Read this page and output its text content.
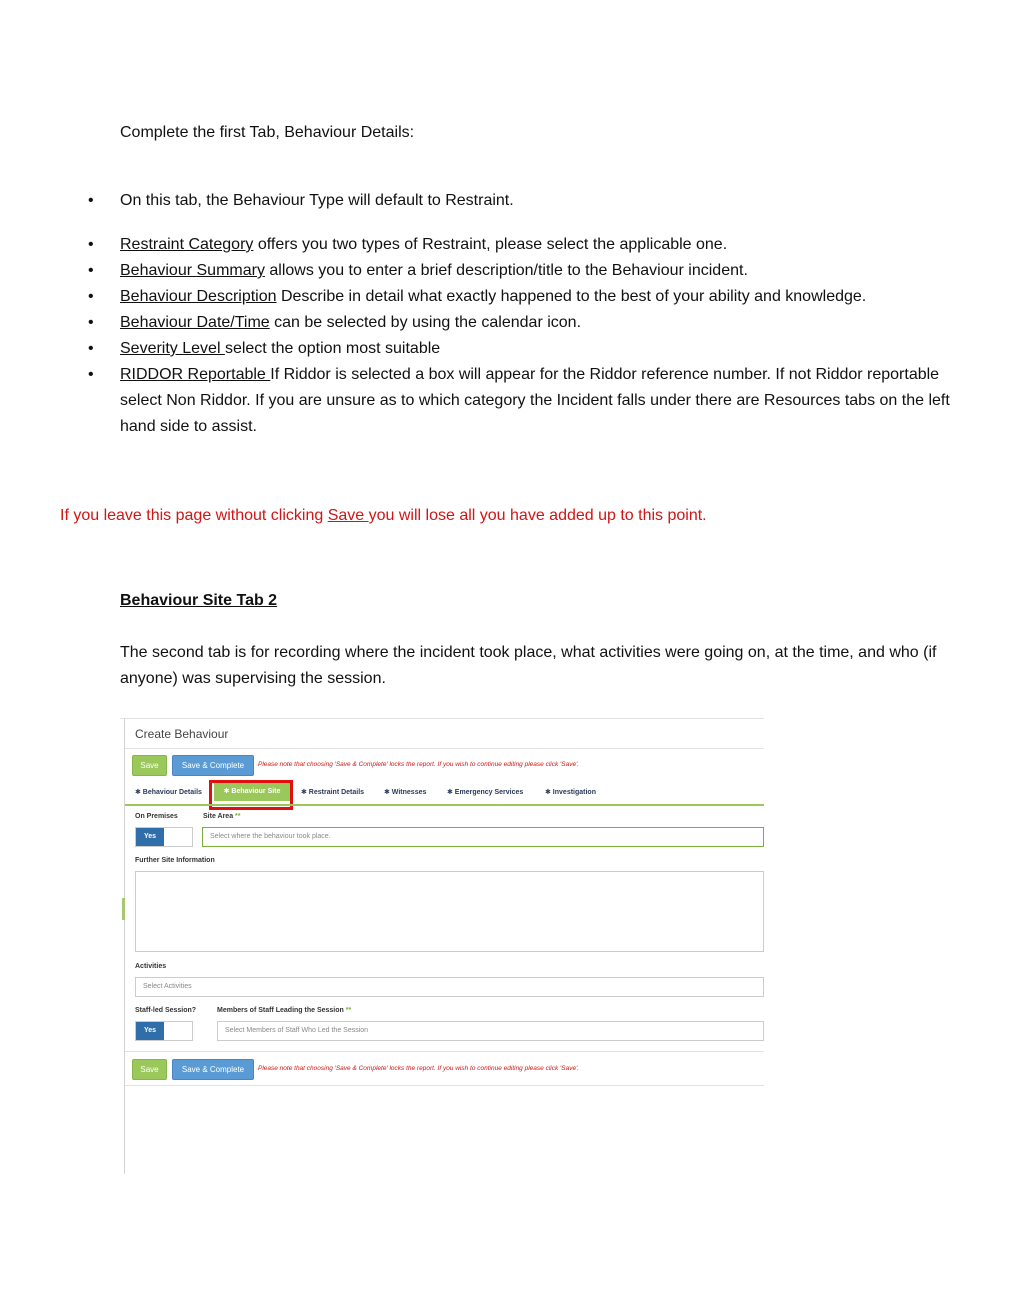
Complete the first Tab, Behaviour Details:
• On this tab, the Behaviour Type will default to Restraint.
• Restraint Category offers you two types of Restraint, please select the applicable one.
• Behaviour Summary allows you to enter a brief description/title to the Behaviour incident.
• Behaviour Description Describe in detail what exactly happened to the best of your ability and knowledge.
• Behaviour Date/Time can be selected by using the calendar icon.
• Severity Level select the option most suitable
• RIDDOR Reportable If Riddor is selected a box will appear for the Riddor reference number. If not Riddor reportable select Non Riddor. If you are unsure as to which category the Incident falls under there are Resources tabs on the left hand side to assist.
If you leave this page without clicking Save you will lose all you have added up to this point.
Behaviour Site Tab 2
The second tab is for recording where the incident took place, what activities were going on, at the time, and who (if anyone) was supervising the session.
Create Behaviour
Save	Save & Complete	Please note that choosing 'Save & Complete' locks the report. If you wish to continue editing please click 'Save'.
✱ Behaviour Details	✱ Behaviour Site	✱ Restraint Details	✱ Witnesses	✱ Emergency Services	✱ Investigation
On Premises	Site Area **
Yes	Select where the behaviour took place.
Further Site Information
Activities
Select Activities
Staff-led Session?	Members of Staff Leading the Session **
Yes	Select Members of Staff Who Led the Session
Save	Save & Complete	Please note that choosing 'Save & Complete' locks the report. If you wish to continue editing please click 'Save'.
